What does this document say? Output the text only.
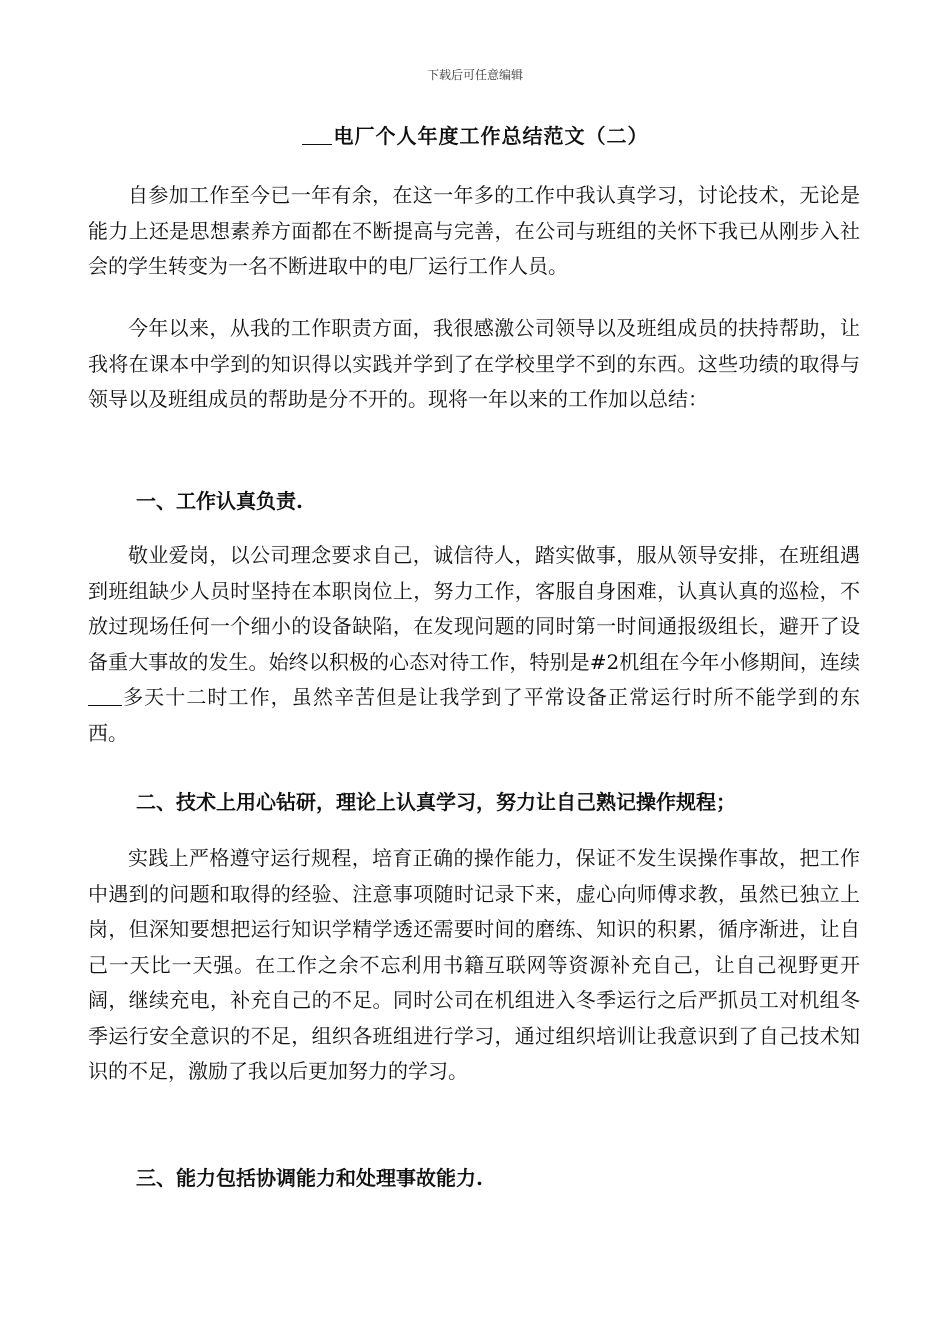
下载后可任意编辑
电厂个人年度工作总结范文（二）

自参加工作至今已一年有余，在这一年多的工作中我认真学习，讨论技术，无论是能力上还是思想素养方面都在不断提高与完善，在公司与班组的关怀下我已从刚步入社会的学生转变为一名不断进取中的电厂运行工作人员。

今年以来，从我的工作职责方面，我很感激公司领导以及班组成员的扶持帮助，让我将在课本中学到的知识得以实践并学到了在学校里学不到的东西。这些功绩的取得与领导以及班组成员的帮助是分不开的。现将一年以来的工作加以总结：

一、工作认真负责.

敬业爱岗，以公司理念要求自己，诚信待人，踏实做事，服从领导安排，在班组遇到班组缺少人员时坚持在本职岗位上，努力工作，客服自身困难，认真认真的巡检，不放过现场任何一个细小的设备缺陷，在发现问题的同时第一时间通报级组长，避开了设备重大事故的发生。始终以积极的心态对待工作，特别是#2机组在今年小修期间，连续多天十二时工作，虽然辛苦但是让我学到了平常设备正常运行时所不能学到的东西。

二、技术上用心钻研，理论上认真学习，努力让自己熟记操作规程；

实践上严格遵守运行规程，培育正确的操作能力，保证不发生误操作事故，把工作中遇到的问题和取得的经验、注意事项随时记录下来，虚心向师傅求教，虽然已独立上岗，但深知要想把运行知识学精学透还需要时间的磨练、知识的积累，循序渐进，让自己一天比一天强。在工作之余不忘利用书籍互联网等资源补充自己，让自己视野更开阔，继续充电，补充自己的不足。同时公司在机组进入冬季运行之后严抓员工对机组冬季运行安全意识的不足，组织各班组进行学习，通过组织培训让我意识到了自己技术知识的不足，激励了我以后更加努力的学习。

三、能力包括协调能力和处理事故能力.
